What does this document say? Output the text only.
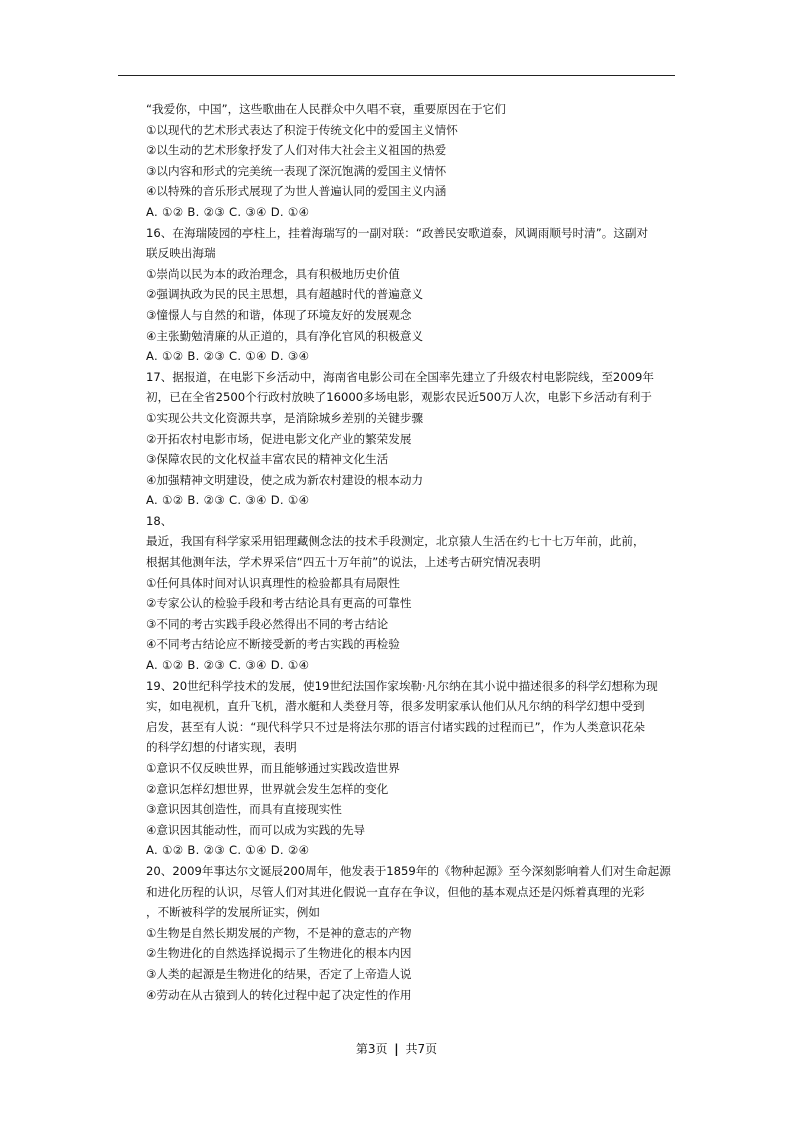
“我爱你，中国”，这些歌曲在人民群众中久唱不衰，重要原因在于它们
①以现代的艺术形式表达了积淀于传统文化中的爱国主义情怀
②以生动的艺术形象抒发了人们对伟大社会主义祖国的热爱
③以内容和形式的完美统一表现了深沉饱满的爱国主义情怀
④以特殊的音乐形式展现了为世人普遍认同的爱国主义内涵
A. ①② B. ②③ C. ③④ D. ①④
16、在海瑞陵园的亭柱上，挂着海瑞写的一副对联：“政善民安歌道泰，风调雨顺号时清”。这副对
联反映出海瑞
①崇尚以民为本的政治理念，具有积极地历史价值
②强调执政为民的民主思想，具有超越时代的普遍意义
③憧憬人与自然的和谐，体现了环境友好的发展观念
④主张勤勉清廉的从正道的，具有净化官风的积极意义
A. ①② B. ②③ C. ①④ D. ③④
17、据报道，在电影下乡活动中，海南省电影公司在全国率先建立了升级农村电影院线，至2009年
初，已在全省2500个行政村放映了16000多场电影，观影农民近500万人次，电影下乡活动有利于
①实现公共文化资源共享，是消除城乡差别的关键步骤
②开拓农村电影市场，促进电影文化产业的繁荣发展
③保障农民的文化权益丰富农民的精神文化生活
④加强精神文明建设，使之成为新农村建设的根本动力
A. ①② B. ②③ C. ③④ D. ①④
18、
最近，我国有科学家采用铝理藏侧念法的技术手段测定，北京猿人生活在约七十七万年前，此前，
根据其他测年法，学术界采信“四五十万年前”的说法，上述考古研究情况表明
①任何具体时间对认识真理性的检验都具有局限性
②专家公认的检验手段和考古结论具有更高的可靠性
③不同的考古实践手段必然得出不同的考古结论
④不同考古结论应不断接受新的考古实践的再检验
A. ①② B. ②③ C. ③④ D. ①④
19、20世纪科学技术的发展，使19世纪法国作家埃勒·凡尔纳在其小说中描述很多的科学幻想称为现
实，如电视机，直升飞机，潜水艇和人类登月等，很多发明家承认他们从凡尔纳的科学幻想中受到
启发，甚至有人说：“现代科学只不过是将法尔那的语言付诸实践的过程而已”，作为人类意识花朵
的科学幻想的付诸实现，表明
①意识不仅反映世界，而且能够通过实践改造世界
②意识怎样幻想世界，世界就会发生怎样的变化
③意识因其创造性，而具有直接现实性
④意识因其能动性，而可以成为实践的先导
A. ①② B. ②③ C. ①④ D. ②④
20、2009年事达尔文诞辰200周年，他发表于1859年的《物种起源》至今深刻影响着人们对生命起源
和进化历程的认识，尽管人们对其进化假说一直存在争议，但他的基本观点还是闪烁着真理的光彩
，不断被科学的发展所证实，例如
①生物是自然长期发展的产物，不是神的意志的产物
②生物进化的自然选择说揭示了生物进化的根本内因
③人类的起源是生物进化的结果，否定了上帝造人说
④劳动在从古猿到人的转化过程中起了决定性的作用
第3页 | 共7页
